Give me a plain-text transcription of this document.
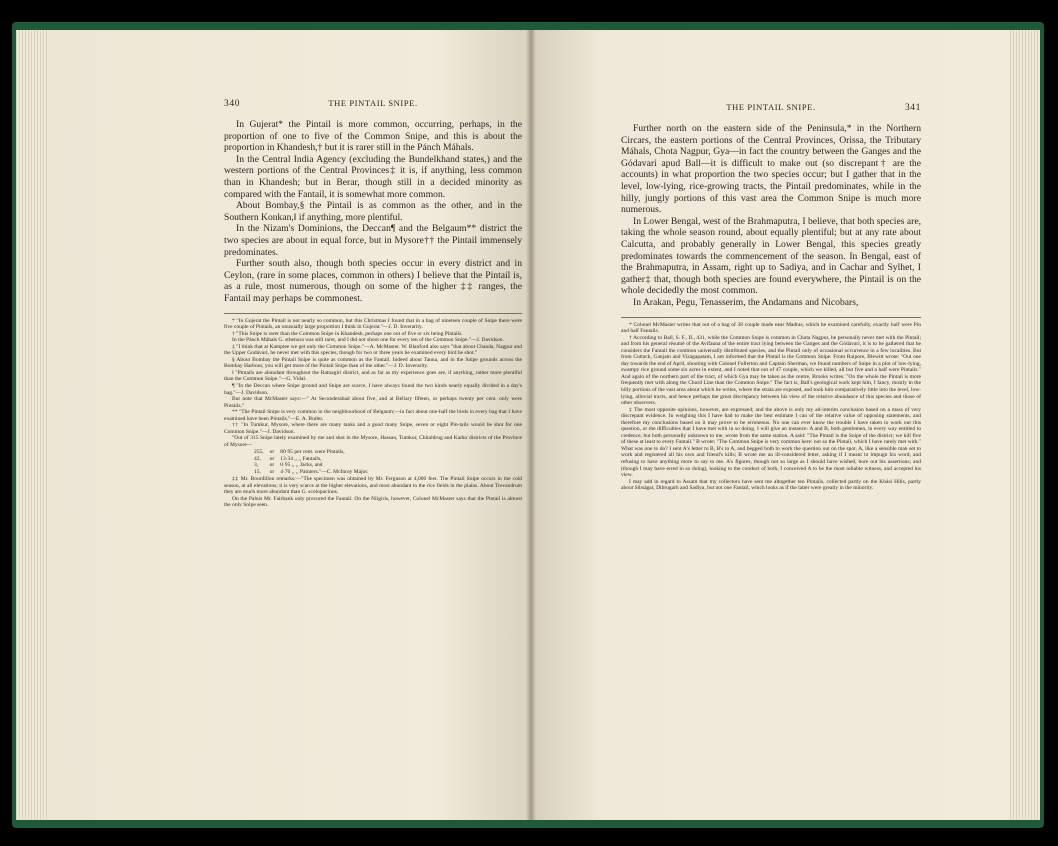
340	THE PINTAIL SNIPE.

In Gujerat* the Pintail is more common, occurring, perhaps, in the proportion of one to five of the Common Snipe, and this is about the proportion in Khandesh,† but it is rarer still in the Pánch Máhals.

In the Central India Agency (excluding the Bundelkhand states,) and the western portions of the Central Provinces‡ it is, if anything, less common than in Khandesh; but in Berar, though still in a decided minority as compared with the Fantail, it is somewhat more common.

About Bombay,§ the Pintail is as common as the other, and in the Southern Konkan,‖ if anything, more plentiful.

In the Nizam's Dominions, the Deccan¶ and the Belgaum** district the two species are about in equal force, but in Mysore†† the Pintail immensely predominates.

Further south also, though both species occur in every district and in Ceylon, (rare in some places, common in others) I believe that the Pintail is, as a rule, most numerous, though on some of the higher ‡‡ ranges, the Fantail may perhaps be commonest.

* "In Gujerat the Pintail is not nearly so common, but this Christmas I found that in a bag of nineteen couple of Snipe there were five couple of Pintails, an unusually large proportion I think in Gujerat."—J. D. Inverarity.

† "This Snipe is rarer than the Common Snipe in Khandesh, perhaps one out of five or six being Pintails.

In the Pánch Máhals G. sthenura was still rarer, and I did not shoot one for every ten of the Common Snipe."—J. Davidson.

‡ "I think that at Kamptee we get only the Common Snipe."—A. McMaster. W. Blanford also says "that about Chanda, Nagpur and the Upper Godávari, he never met with this species, though for two or three years he examined every bird he shot."

§ About Bombay the Pintail Snipe is quite as common as the Fantail. Indeed about Tanna, and in the Snipe grounds across the Bombay Harbour, you will get more of the Pintail Snipe than of the other."—J. D. Inverarity.

‖ "Pintails are abundant throughout the Ratnagiri district, and as far as my experience goes are, if anything, rather more plentiful than the Common Snipe."—G. Vidal.

¶ "In the Deccan where Snipe ground and Snipe are scarce, I have always found the two kinds nearly equally divided in a day's bag."—J. Davidson.

But note that McMaster says:—" At Secunderabad about five, and at Bellary fifteen, or perhaps twenty per cent. only were Pintails."

** "The Pintail Snipe is very common in the neighbourhood of Belgaum;—in fact about one-half the birds in every bag that I have examined have been Pintails."—E. A. Butler.

†† "In Tumkur, Mysore, where there are many tanks and a good many Snipe, seven or eight Pin-tails would be shot for one Common Snipe."—J. Davidson.

"Out of 315 Snipe lately examined by me and shot in the Mysore, Hassan, Tumkur, Chitaldrug and Kadur districts of the Province of Mysore—

255,	or	80·95 per cent. were Pintails,
42,	or	13·34 ,, ,, Fantails,
3,	or	0·95 ,, ,, Jacks, and
15,	or	4·76 ,, ,, Painters."—C. McInroy Major.

‡‡ Mr. Bourdillon remarks:—"The specimen was obtained by Mr. Ferguson at 4,000 feet. The Pintail Snipe occurs in the cold season, at all elevations; it is very scarce at the higher elevations, and most abundant in the rice fields in the plains. About Trevandrum they are much more abundant than G. scolopacinus.

On the Palnis Mr. Fairbank only procured the Fantail. On the Nilgiris, however, Colonel McMaster says that the Pintail is almost the only Snipe seen.

THE PINTAIL SNIPE.	341

Further north on the eastern side of the Peninsula,* in the Northern Circars, the eastern portions of the Central Provinces, Orissa, the Tributary Máhals, Chota Nagpur, Gya—in fact the country between the Ganges and the Gódavari apud Ball—it is difficult to make out (so discrepant† are the accounts) in what proportion the two species occur; but I gather that in the level, low-lying, rice-growing tracts, the Pintail predominates, while in the hilly, jungly portions of this vast area the Common Snipe is much more numerous.

In Lower Bengal, west of the Brahmaputra, I believe, that both species are, taking the whole season round, about equally plentiful; but at any rate about Calcutta, and probably generally in Lower Bengal, this species greatly predominates towards the commencement of the season. In Bengal, east of the Brahmaputra, in Assam, right up to Sadiya, and in Cachar and Sylhet, I gather‡ that, though both species are found everywhere, the Pintail is on the whole decidedly the most common.

In Arakan, Pegu, Tenasserim, the Andamans and Nicobars,

* Colonel McMaster writes that out of a bag of 38 couple made near Madras, which he examined carefully, exactly half were Pin and half Fantails.

† According to Ball, S. F., II., 431, while the Common Snipe is common in Chota Nagpur, he personally never met with the Pintail; and from his general résumé of the Avifauna of the entire tract lying between the Ganges and the Gódavari, it is to be gathered that he considers the Fantail the common universally distributed species, and the Pintail only of occasional occurrence in a few localities. But from Cuttack, Ganjam and Vizagapatam, I am informed that the Pintail is the Common Snipe. From Raipore, Blewitt wrote: "Out one day towards the end of April, shooting with Colonel Fullerton and Captain Sherman, we found numbers of Snipe in a plot of low-lying, swampy rice ground some six acres in extent, and I noted that out of 47 couple, which we killed, all but five and a half were Pintails." And again of the northern part of the tract, of which Gya may be taken as the centre, Brooks writes: "On the whole the Pintail is more frequently met with along the Chord Line than the Common Snipe." The fact is, Ball's geological work kept him, I fancy, mostly in the hilly portions of the vast area about which he writes, where the strata are exposed, and took him comparatively little into the level, low-lying, alluvial tracts, and hence perhaps the great discrepancy between his view of the relative abundance of this species and those of other observers.

‡ The most opposite opinions, however, are expressed; and the above is only my ad-interim conclusion based on a mass of very discrepant evidence. In weighing this I have had to make the best estimate I can of the relative value of opposing statements, and therefore my conclusions based on it may prove to be erroneous. No one can ever know the trouble I have taken to work out this question, or the difficulties that I have met with in so doing. I will give an instance: A and B, both gentlemen, in every way entitled to credence, but both personally unknown to me, wrote from the same station. A said: "The Pintail is the Snipe of the district; we kill five of these at least to every Fantail." B wrote: "The Common Snipe is very common here: not so the Pintail, which I have rarely met with." What was one to do? I sent A's letter to B, B's to A, and begged both to work the question out on the spot. A, like a sensible man set to work and registered all his own and friend's kills; B wrote me an ill-considered letter, asking if I meant to impugn his word, and refusing to have anything more to say to me. A's figures, though not so large as I should have wished, bore out his assertions; and (though I may have erred in so doing), looking to the conduct of both, I conceived A to be the most reliable witness, and accepted his view.

I may add in regard to Assam that my collectors have sent me altogether ten Pintails, collected partly on the Khási Hills, partly about Sibságar, Dibrugarh and Sadiya, but not one Fantail, which looks as if the latter were greatly in the minority.
